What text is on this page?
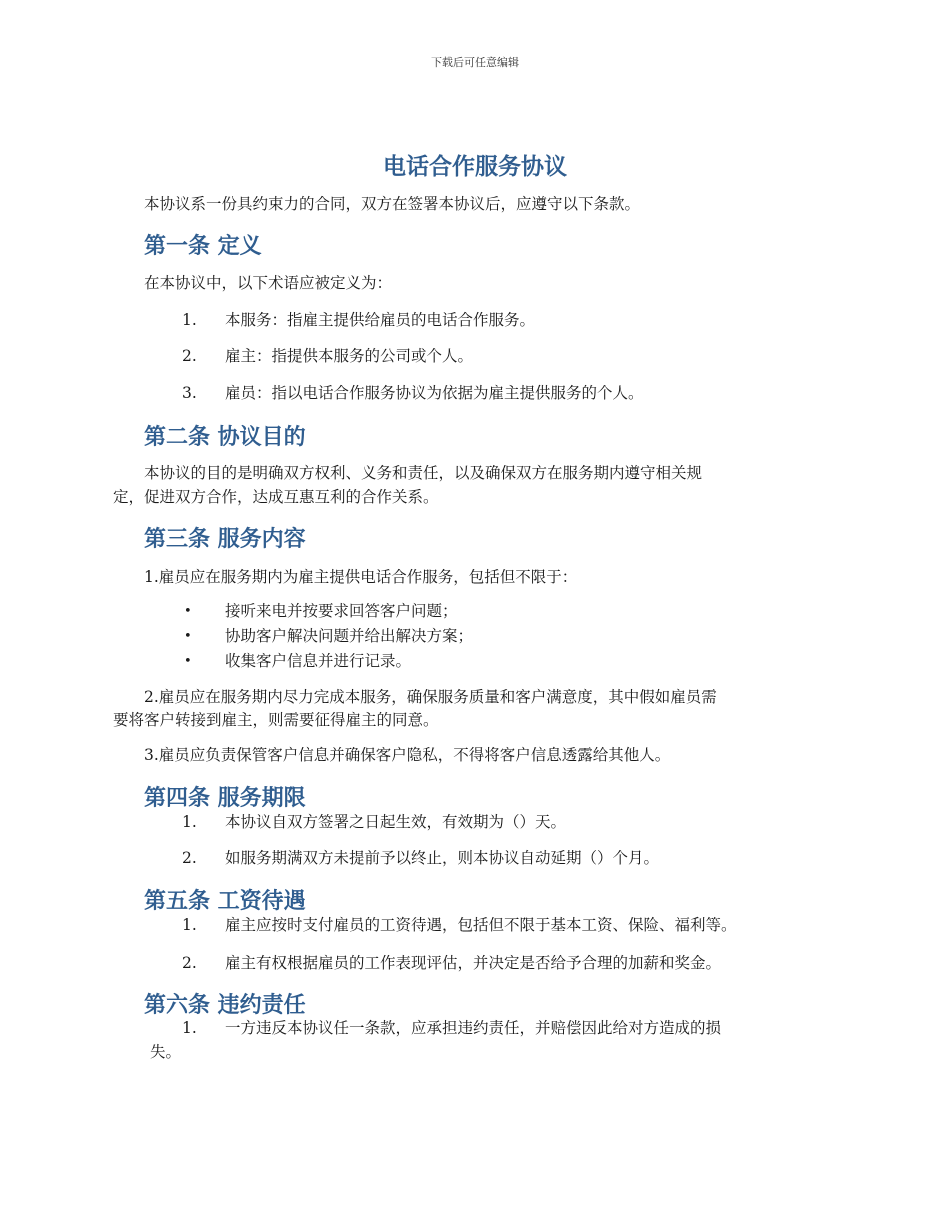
下载后可任意编辑
电话合作服务协议
本协议系一份具约束力的合同，双方在签署本协议后，应遵守以下条款。
第一条 定义
在本协议中，以下术语应被定义为：
1. 本服务：指雇主提供给雇员的电话合作服务。
2. 雇主：指提供本服务的公司或个人。
3. 雇员：指以电话合作服务协议为依据为雇主提供服务的个人。
第二条 协议目的
本协议的目的是明确双方权利、义务和责任，以及确保双方在服务期内遵守相关规
定，促进双方合作，达成互惠互利的合作关系。
第三条 服务内容
1.雇员应在服务期内为雇主提供电话合作服务，包括但不限于：
• 接听来电并按要求回答客户问题；
• 协助客户解决问题并给出解决方案；
• 收集客户信息并进行记录。
2.雇员应在服务期内尽力完成本服务，确保服务质量和客户满意度，其中假如雇员需
要将客户转接到雇主，则需要征得雇主的同意。
3.雇员应负责保管客户信息并确保客户隐私，不得将客户信息透露给其他人。
第四条 服务期限
1. 本协议自双方签署之日起生效，有效期为（）天。
2. 如服务期满双方未提前予以终止，则本协议自动延期（）个月。
第五条 工资待遇
1. 雇主应按时支付雇员的工资待遇，包括但不限于基本工资、保险、福利等。
2. 雇主有权根据雇员的工作表现评估，并决定是否给予合理的加薪和奖金。
第六条 违约责任
1. 一方违反本协议任一条款，应承担违约责任，并赔偿因此给对方造成的损
失。
